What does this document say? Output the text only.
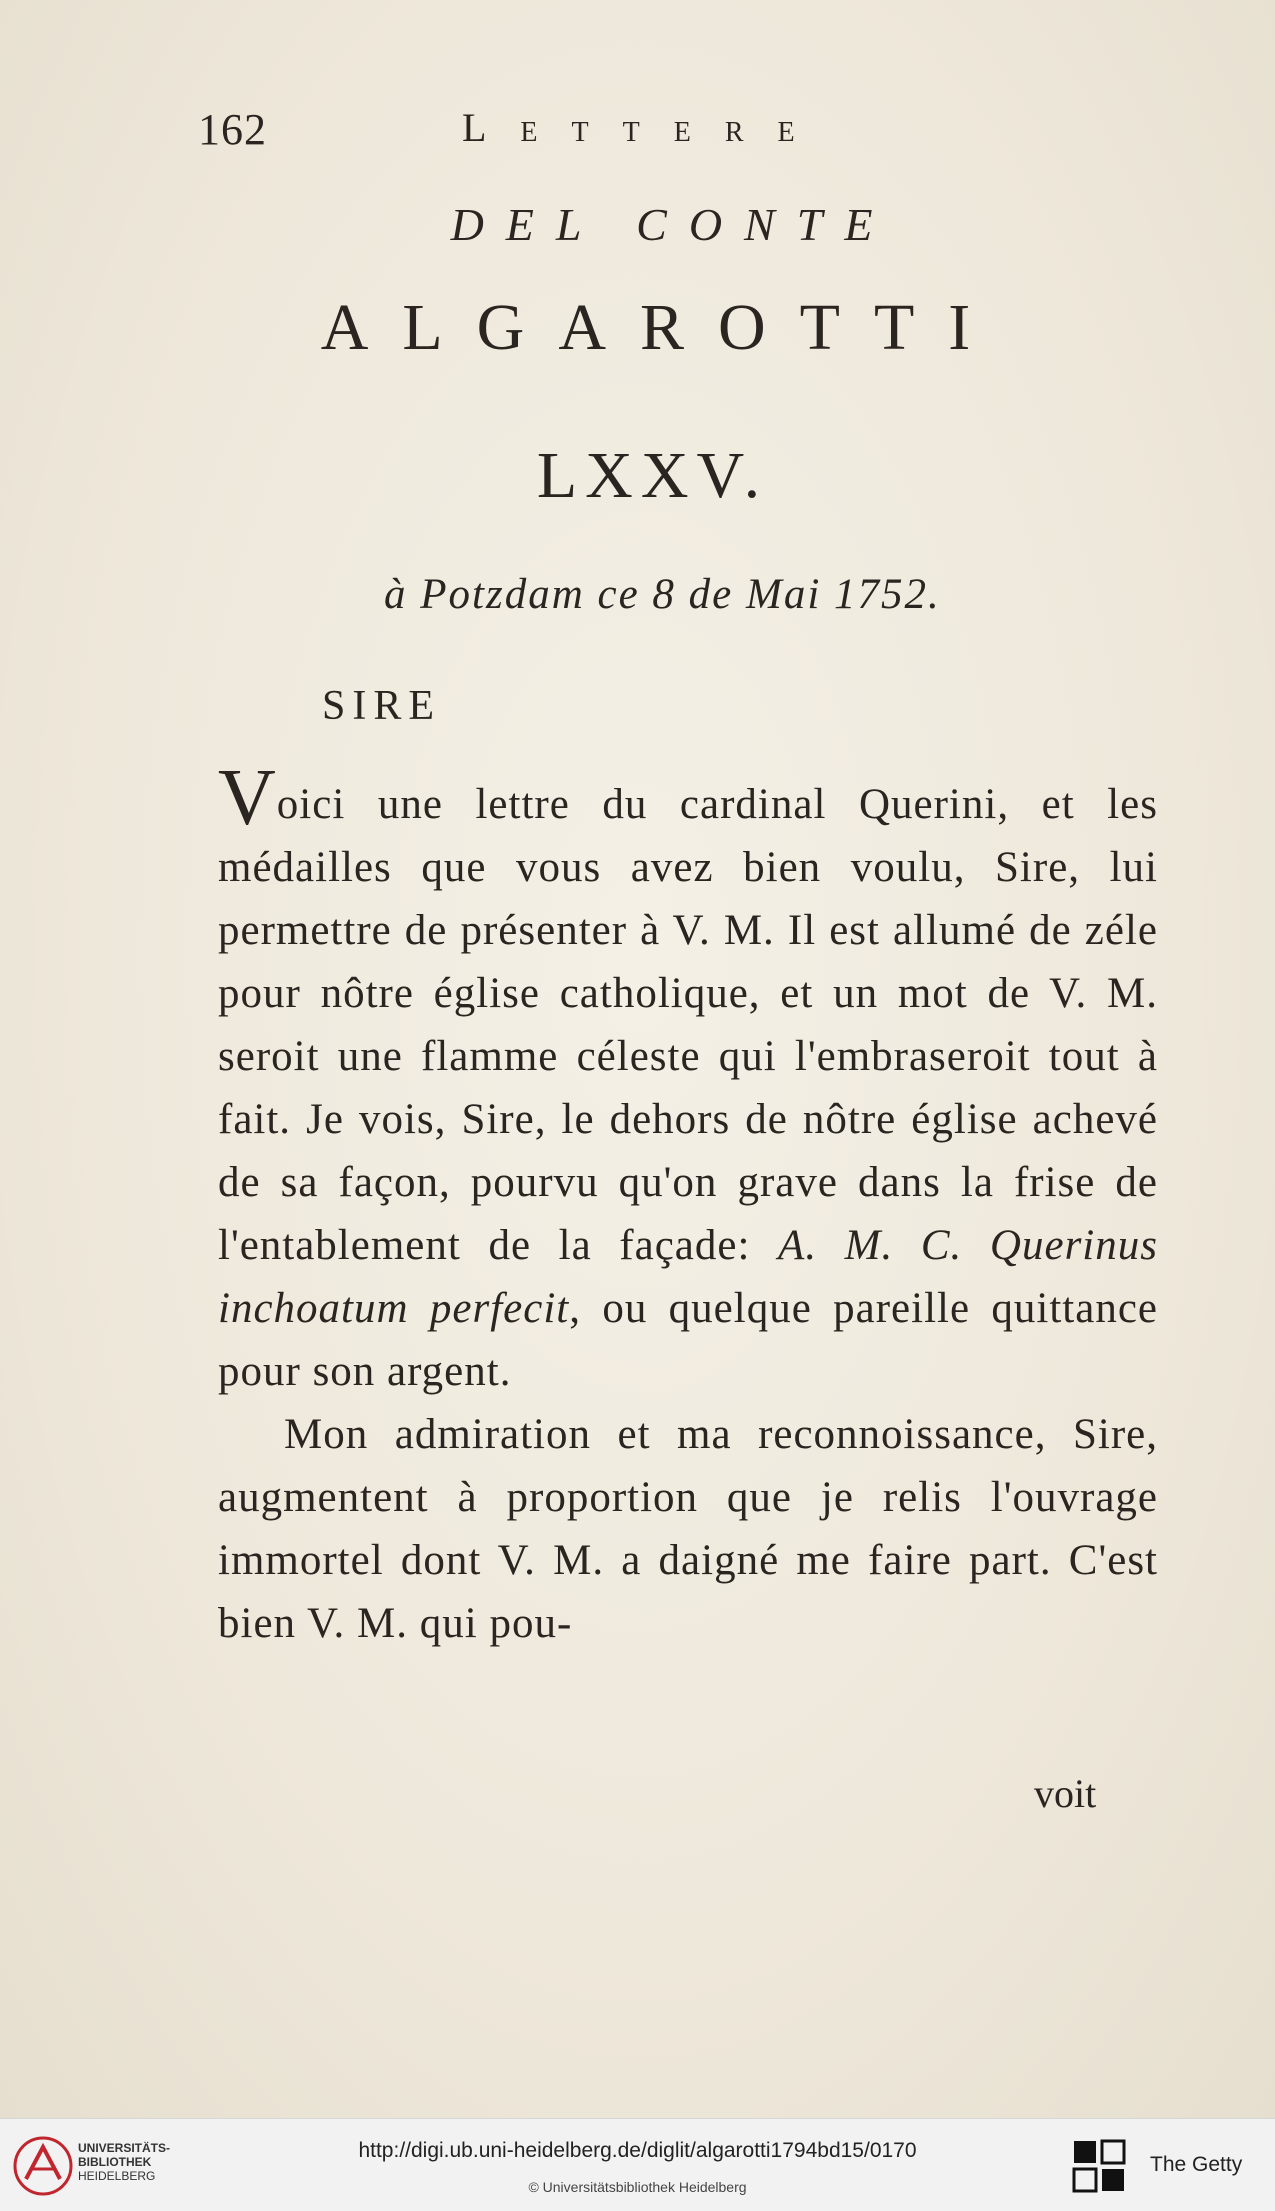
162	Lettere
DEL CONTE
ALGAROTTI
LXXV.
à Potzdam ce 8 de Mai 1752.
SIRE

Voici une lettre du cardinal Querini, et les médailles que vous avez bien voulu, Sire, lui permettre de présenter à V. M. Il est allumé de zéle pour nôtre église catholique, et un mot de V. M. seroit une flamme céleste qui l'embraseroit tout à fait. Je vois, Sire, le dehors de nôtre église achevé de sa façon, pourvu qu'on grave dans la frise de l'entablement de la façade: A. M. C. Querinus inchoatum perfecit, ou quelque pareille quittance pour son argent.

Mon admiration et ma reconnoissance, Sire, augmentent à proportion que je relis l'ouvrage immortel dont V. M. a daigné me faire part. C'est bien V. M. qui pou-

voit
UNIVERSITÄTS-
BIBLIOTHEK
HEIDELBERG
http://digi.ub.uni-heidelberg.de/diglit/algarotti1794bd15/0170
© Universitätsbibliothek Heidelberg
The Getty
